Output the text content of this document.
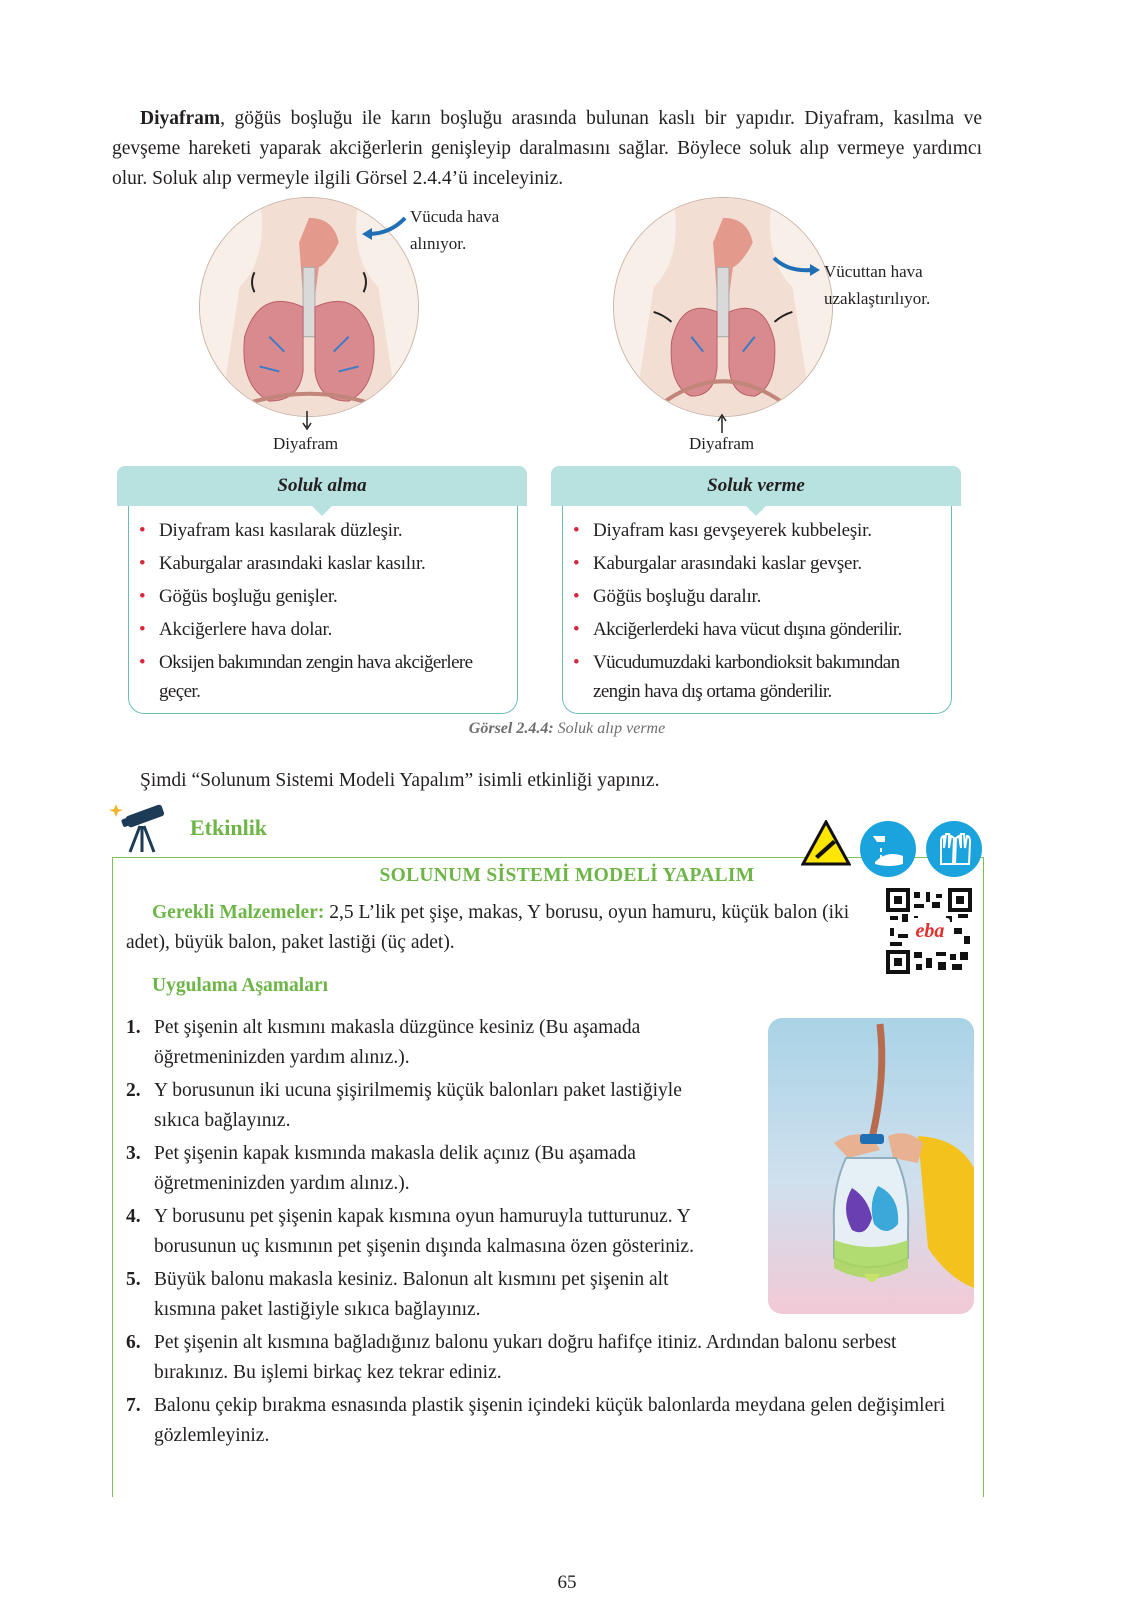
Diyafram, göğüs boşluğu ile karın boşluğu arasında bulunan kaslı bir yapıdır. Diyafram, kasılma ve gevşeme hareketi yaparak akciğerlerin genişleyip daralmasını sağlar. Böylece soluk alıp vermeye yardımcı olur. Soluk alıp vermeyle ilgili Görsel 2.4.4’ü inceleyiniz.

Vücuda hava
alınıyor.
Diyafram
Vücuttan hava
uzaklaştırılıyor.
Diyafram
Soluk alma
• Diyafram kası kasılarak düzleşir.
• Kaburgalar arasındaki kaslar kasılır.
• Göğüs boşluğu genişler.
• Akciğerlere hava dolar.
• Oksijen bakımından zengin hava akciğerlere geçer.
Soluk verme
• Diyafram kası gevşeyerek kubbeleşir.
• Kaburgalar arasındaki kaslar gevşer.
• Göğüs boşluğu daralır.
• Akciğerlerdeki hava vücut dışına gönderilir.
• Vücudumuzdaki karbondioksit bakımından zengin hava dış ortama gönderilir.
Görsel 2.4.4: Soluk alıp verme

Şimdi “Solunum Sistemi Modeli Yapalım” isimli etkinliği yapınız.

Etkinlik
SOLUNUM SİSTEMİ MODELİ YAPALIM

Gerekli Malzemeler: 2,5 L’lik pet şişe, makas, Y borusu, oyun hamuru, küçük balon (iki adet), büyük balon, paket lastiği (üç adet).

eba
Uygulama Aşamaları
1. Pet şişenin alt kısmını makasla düzgünce kesiniz (Bu aşamada öğretmeninizden yardım alınız.).
2. Y borusunun iki ucuna şişirilmemiş küçük balonları paket lastiğiyle sıkıca bağlayınız.
3. Pet şişenin kapak kısmında makasla delik açınız (Bu aşamada öğretmeninizden yardım alınız.).
4. Y borusunu pet şişenin kapak kısmına oyun hamuruyla tutturunuz. Y borusunun uç kısmının pet şişenin dışında kalmasına özen gösteriniz.
5. Büyük balonu makasla kesiniz. Balonun alt kısmını pet şişenin alt kısmına paket lastiğiyle sıkıca bağlayınız.
6. Pet şişenin alt kısmına bağladığınız balonu yukarı doğru hafifçe itiniz. Ardından balonu serbest bırakınız. Bu işlemi birkaç kez tekrar ediniz.
7. Balonu çekip bırakma esnasında plastik şişenin içindeki küçük balonlarda meydana gelen değişimleri gözlemleyiniz.
65
